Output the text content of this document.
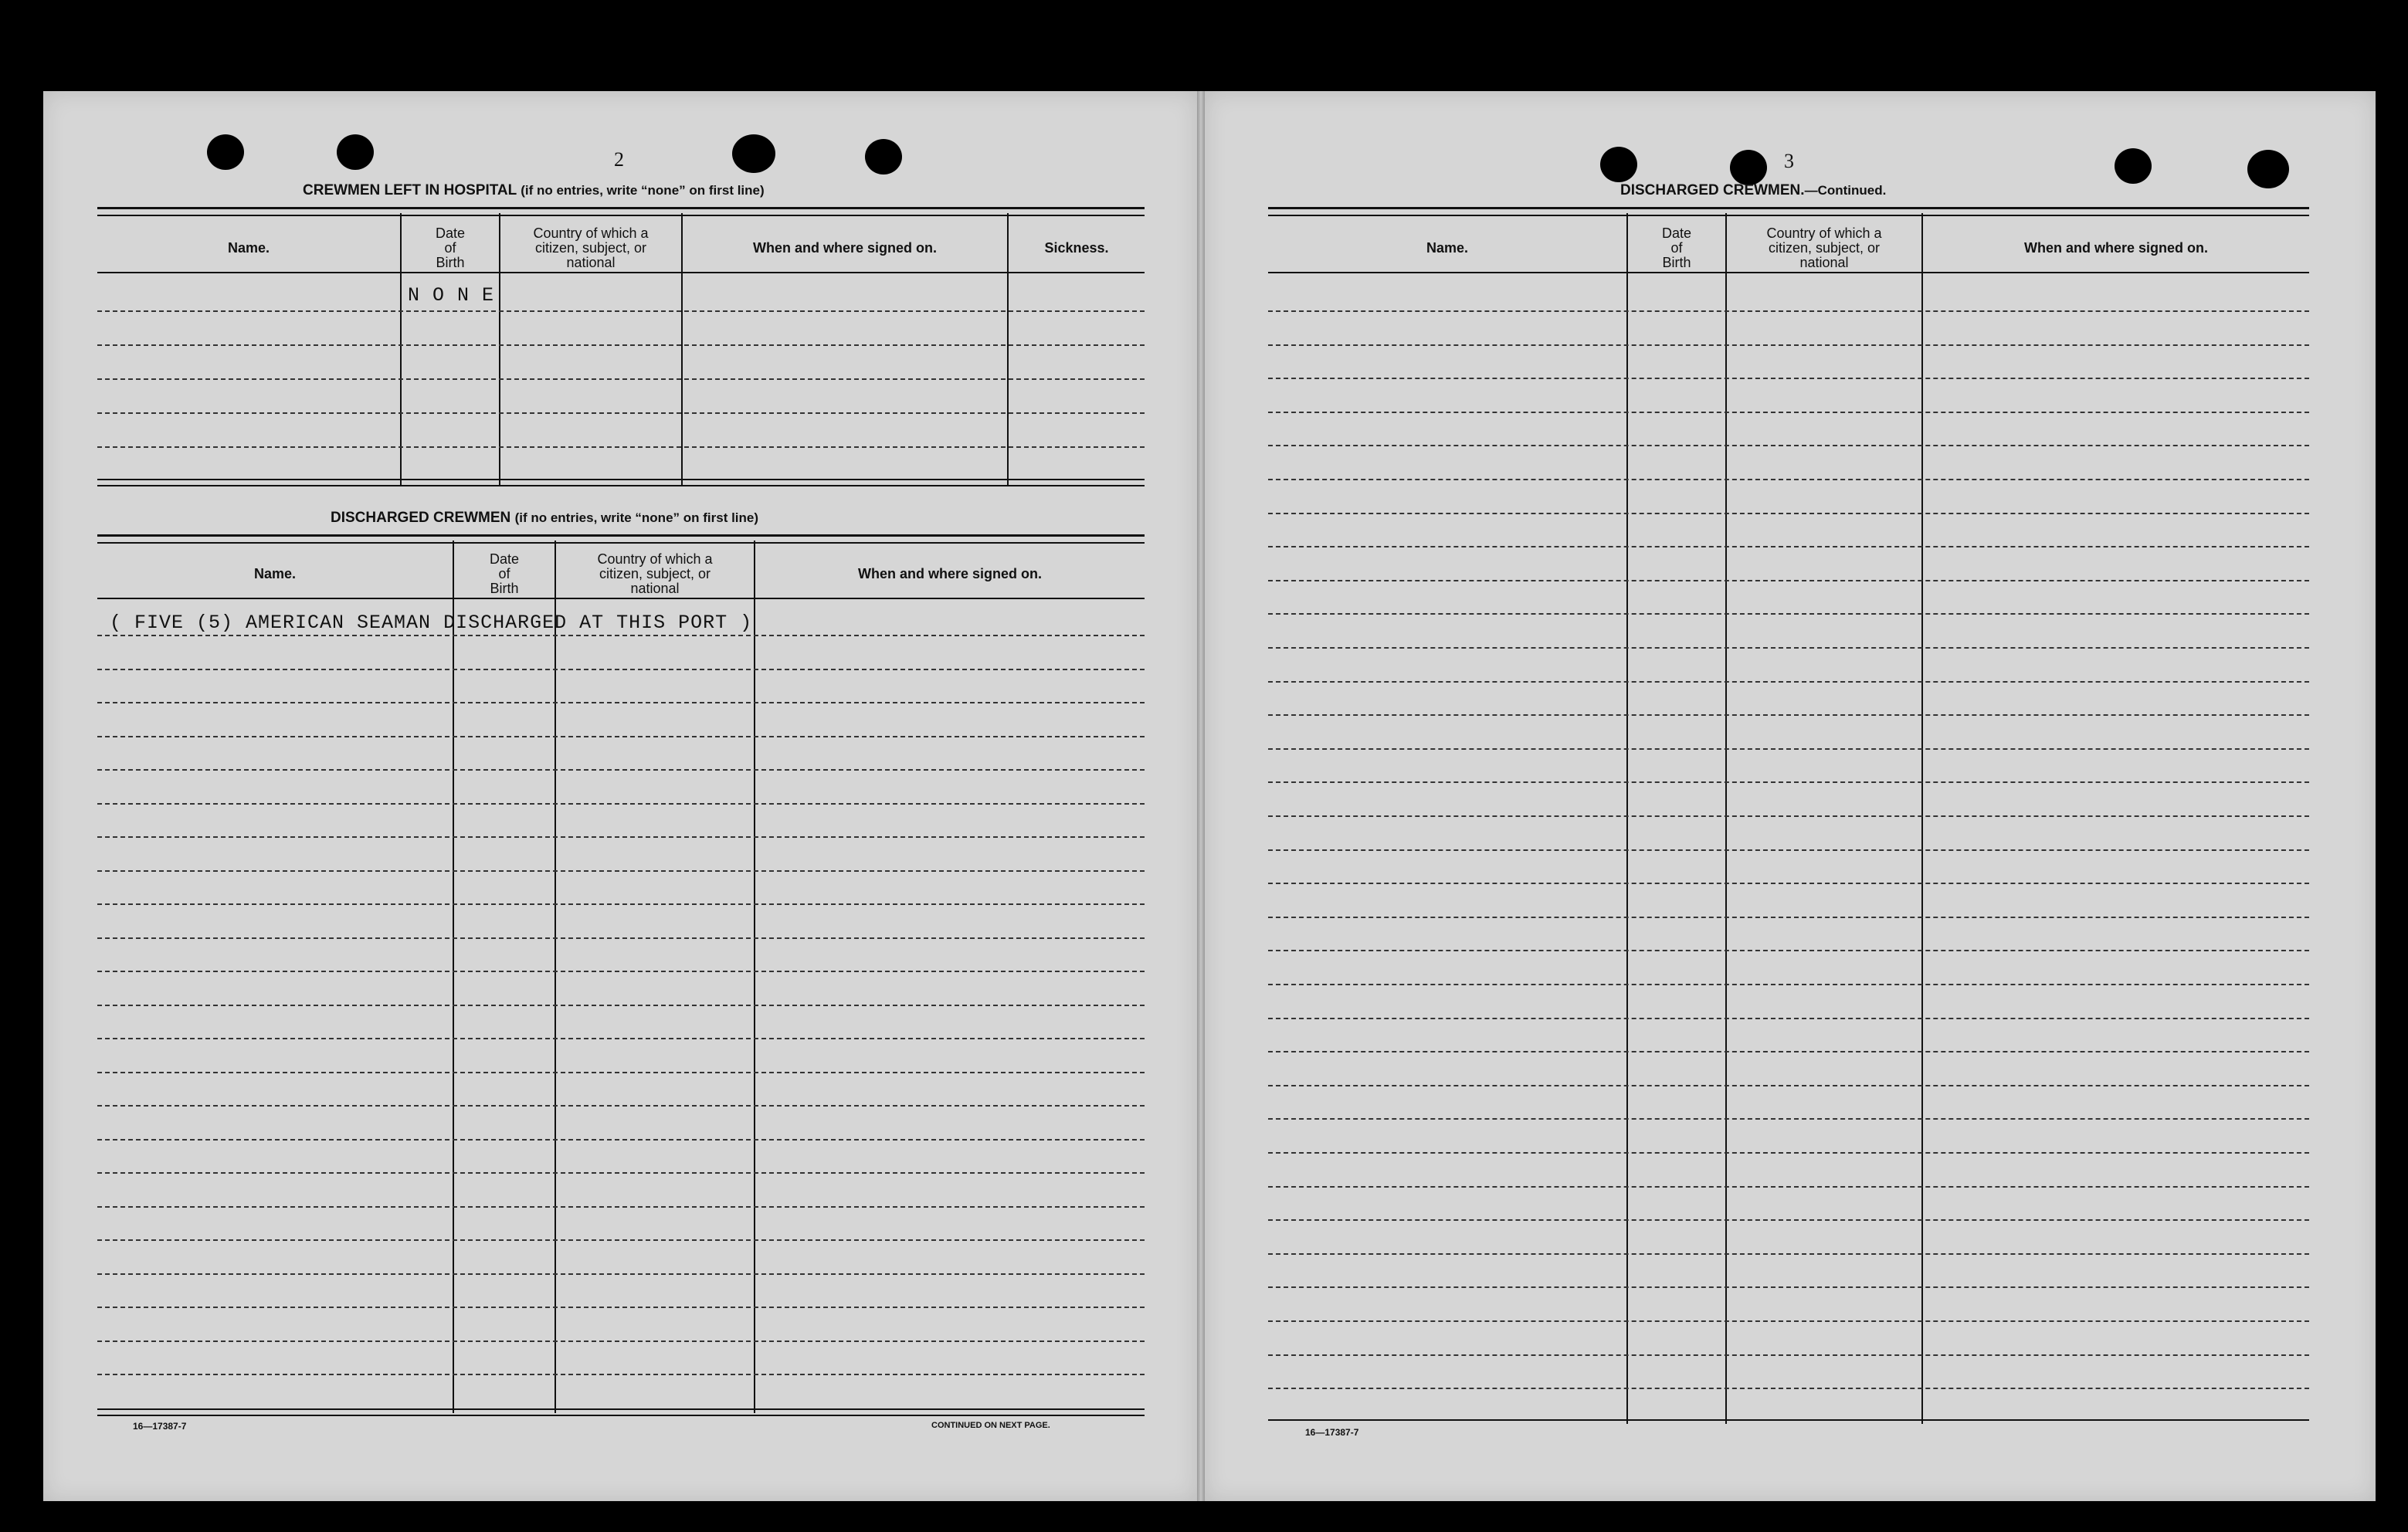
2
CREWMEN LEFT IN HOSPITAL (if no entries, write “none” on first line)
Name.
Date
of
Birth
Country of which a
citizen, subject, or
national
When and where signed on.	Sickness.
N O N E
DISCHARGED CREWMEN (if no entries, write “none” on first line)
Name.
Date
of
Birth
Country of which a
citizen, subject, or
national
When and where signed on.
( FIVE (5) AMERICAN SEAMAN DISCHARGED AT THIS PORT )
16—17387-7	CONTINUED ON NEXT PAGE.
3
DISCHARGED CREWMEN.—Continued.
Name.
Date
of
Birth
Country of which a
citizen, subject, or
national
When and where signed on.
16—17387-7
